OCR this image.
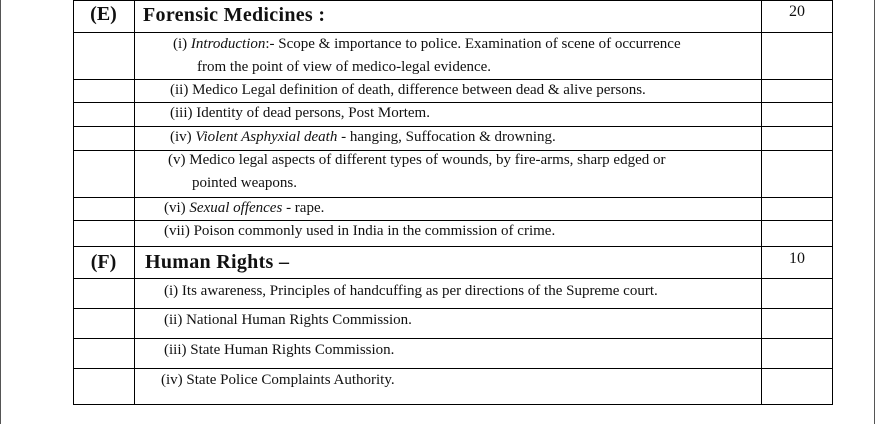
(E)	Forensic Medicines :	20
(i) Introduction:- Scope & importance to police. Examination of scene of occurrence
from the point of view of medico-legal evidence.
(ii) Medico Legal definition of death, difference between dead & alive persons.
(iii) Identity of dead persons, Post Mortem.
(iv) Violent Asphyxial death - hanging, Suffocation & drowning.
(v) Medico legal aspects of different types of wounds, by fire-arms, sharp edged or
pointed weapons.
(vi) Sexual offences - rape.
(vii) Poison commonly used in India in the commission of crime.
(F)	Human Rights –	10
(i) Its awareness, Principles of handcuffing as per directions of the Supreme court.
(ii) National Human Rights Commission.
(iii) State Human Rights Commission.
(iv) State Police Complaints Authority.
